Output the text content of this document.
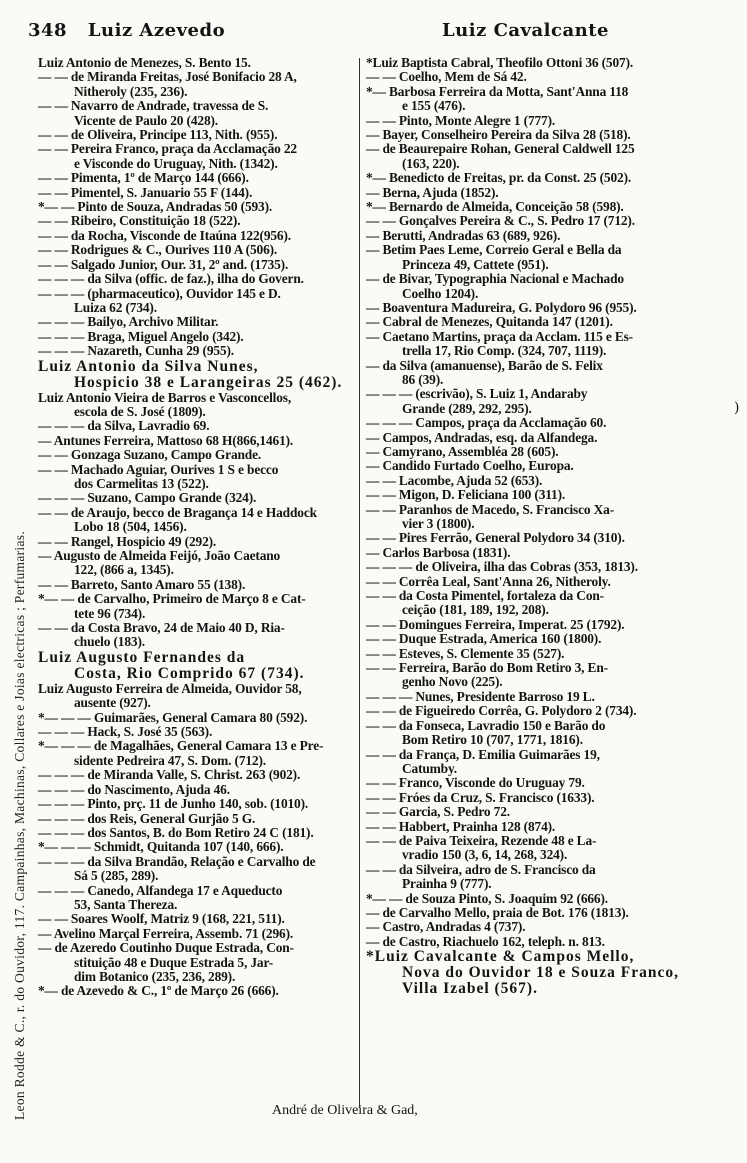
348 Luiz Azevedo	Luiz Cavalcante
Leon Rodde & C., r. do Ouvidor, 117. Campainhas, Machinas, Collares e Joias electricas ; Perfumarias.

Luiz Antonio de Menezes, S. Bento 15.

— — de Miranda Freitas, José Bonifacio 28 A,
Nitheroly (235, 236).

— — Navarro de Andrade, travessa de S.
Vicente de Paulo 20 (428).

— — de Oliveira, Principe 113, Nith. (955).

— — Pereira Franco, praça da Acclamação 22
e Visconde do Uruguay, Nith. (1342).

— — Pimenta, 1º de Março 144 (666).

— — Pimentel, S. Januario 55 F (144).

*— — Pinto de Souza, Andradas 50 (593).

— — Ribeiro, Constituição 18 (522).

— — da Rocha, Visconde de Itaúna 122(956).

— — Rodrigues & C., Ourives 110 A (506).

— — Salgado Junior, Our. 31, 2º and. (1735).

— — — da Silva (offic. de faz.), ilha do Govern.

— — — (pharmaceutico), Ouvidor 145 e D.
Luiza 62 (734).

— — — Bailyo, Archivo Militar.

— — — Braga, Miguel Angelo (342).

— — — Nazareth, Cunha 29 (955).

Luiz Antonio da Silva Nunes,
Hospicio 38 e Larangeiras 25 (462).

Luiz Antonio Vieira de Barros e Vasconcellos,
escola de S. José (1809).

— — — da Silva, Lavradio 69.

— Antunes Ferreira, Mattoso 68 H(866,1461).

— — Gonzaga Suzano, Campo Grande.

— — Machado Aguiar, Ourives 1 S e becco
dos Carmelitas 13 (522).

— — — Suzano, Campo Grande (324).

— — de Araujo, becco de Bragança 14 e Haddock
Lobo 18 (504, 1456).

— — Rangel, Hospicio 49 (292).

— Augusto de Almeida Feijó, João Caetano
122, (866 a, 1345).

— — Barreto, Santo Amaro 55 (138).

*— — de Carvalho, Primeiro de Março 8 e Cat-
tete 96 (734).

— — da Costa Bravo, 24 de Maio 40 D, Ria-
chuelo (183).

Luiz Augusto Fernandes da
Costa, Rio Comprido 67 (734).

Luiz Augusto Ferreira de Almeida, Ouvidor 58,
ausente (927).

*— — — Guimarães, General Camara 80 (592).

— — — Hack, S. José 35 (563).

*— — — de Magalhães, General Camara 13 e Pre-
sidente Pedreira 47, S. Dom. (712).

— — — de Miranda Valle, S. Christ. 263 (902).

— — — do Nascimento, Ajuda 46.

— — — Pinto, prç. 11 de Junho 140, sob. (1010).

— — — dos Reis, General Gurjão 5 G.

— — — dos Santos, B. do Bom Retiro 24 C (181).

*— — — Schmidt, Quitanda 107 (140, 666).

— — — da Silva Brandão, Relação e Carvalho de
Sá 5 (285, 289).

— — — Canedo, Alfandega 17 e Aqueducto
53, Santa Thereza.

— — Soares Woolf, Matriz 9 (168, 221, 511).

— Avelino Marçal Ferreira, Assemb. 71 (296).

— de Azeredo Coutinho Duque Estrada, Con-
stituição 48 e Duque Estrada 5, Jar-
dim Botanico (235, 236, 289).

*— de Azevedo & C., 1º de Março 26 (666).

*Luiz Baptista Cabral, Theofilo Ottoni 36 (507).

— — Coelho, Mem de Sá 42.

*— Barbosa Ferreira da Motta, Sant'Anna 118
e 155 (476).

— — Pinto, Monte Alegre 1 (777).

— Bayer, Conselheiro Pereira da Silva 28 (518).

— de Beaurepaire Rohan, General Caldwell 125
(163, 220).

*— Benedicto de Freitas, pr. da Const. 25 (502).

— Berna, Ajuda (1852).

*— Bernardo de Almeida, Conceição 58 (598).

— — Gonçalves Pereira & C., S. Pedro 17 (712).

— Berutti, Andradas 63 (689, 926).

— Betim Paes Leme, Correio Geral e Bella da
Princeza 49, Cattete (951).

— de Bivar, Typographia Nacional e Machado
Coelho 1204).

— Boaventura Madureira, G. Polydoro 96 (955).

— Cabral de Menezes, Quitanda 147 (1201).

— Caetano Martins, praça da Acclam. 115 e Es-
trella 17, Rio Comp. (324, 707, 1119).

— da Silva (amanuense), Barão de S. Felix
86 (39).

— — — (escrivão), S. Luiz 1, Andaraby
Grande (289, 292, 295).

— — — Campos, praça da Acclamação 60.

— Campos, Andradas, esq. da Alfandega.

— Camyrano, Assembléa 28 (605).

— Candido Furtado Coelho, Europa.

— — Lacombe, Ajuda 52 (653).

— — Migon, D. Feliciana 100 (311).

— — Paranhos de Macedo, S. Francisco Xa-
vier 3 (1800).

— — Pires Ferrão, General Polydoro 34 (310).

— Carlos Barbosa (1831).

— — — de Oliveira, ilha das Cobras (353, 1813).

— — Corrêa Leal, Sant'Anna 26, Nitheroly.

— — da Costa Pimentel, fortaleza da Con-
ceição (181, 189, 192, 208).

— — Domingues Ferreira, Imperat. 25 (1792).

— — Duque Estrada, America 160 (1800).

— — Esteves, S. Clemente 35 (527).

— — Ferreira, Barão do Bom Retiro 3, En-
genho Novo (225).

— — — Nunes, Presidente Barroso 19 L.

— — de Figueiredo Corrêa, G. Polydoro 2 (734).

— — da Fonseca, Lavradio 150 e Barão do
Bom Retiro 10 (707, 1771, 1816).

— — da França, D. Emilia Guimarães 19,
Catumby.

— — Franco, Visconde do Uruguay 79.

— — Fróes da Cruz, S. Francisco (1633).

— — Garcia, S. Pedro 72.

— — Habbert, Prainha 128 (874).

— — de Paiva Teixeira, Rezende 48 e La-
vradio 150 (3, 6, 14, 268, 324).

— — da Silveira, adro de S. Francisco da
Prainha 9 (777).

*— — de Souza Pinto, S. Joaquim 92 (666).

— de Carvalho Mello, praia de Bot. 176 (1813).

— Castro, Andradas 4 (737).

— de Castro, Riachuelo 162, teleph. n. 813.

*Luiz Cavalcante & Campos Mello,
Nova do Ouvidor 18 e Souza Franco,
Villa Izabel (567).

)
André de Oliveira & Gad,
